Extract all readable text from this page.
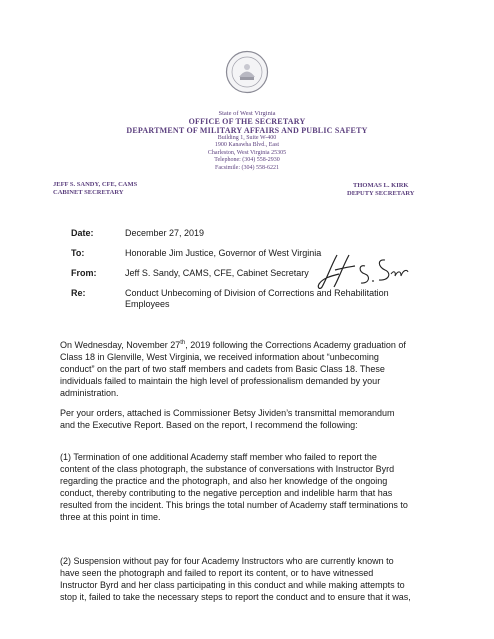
State of West Virginia
OFFICE OF THE SECRETARY
DEPARTMENT OF MILITARY AFFAIRS AND PUBLIC SAFETY
Building 1, Suite W-400
1900 Kanawha Blvd., East
Charleston, West Virginia 25305
Telephone: (304) 558-2930
Facsimile: (304) 558-6221
JEFF S. SANDY, CFE, CAMS
CABINET SECRETARY
THOMAS L. KIRK
DEPUTY SECRETARY
Date:	December 27, 2019
To:	Honorable Jim Justice, Governor of West Virginia
From:	Jeff S. Sandy, CAMS, CFE, Cabinet Secretary
Re:	Conduct Unbecoming of Division of Corrections and Rehabilitation
Employees
On Wednesday, November 27th, 2019 following the Corrections Academy graduation of
Class 18 in Glenville, West Virginia, we received information about “unbecoming
conduct” on the part of two staff members and cadets from Basic Class 18. These
individuals failed to maintain the high level of professionalism demanded by your
administration.
Per your orders, attached is Commissioner Betsy Jividen’s transmittal memorandum
and the Executive Report. Based on the report, I recommend the following:
(1) Termination of one additional Academy staff member who failed to report the
content of the class photograph, the substance of conversations with Instructor Byrd
regarding the practice and the photograph, and also her knowledge of the ongoing
conduct, thereby contributing to the negative perception and indelible harm that has
resulted from the incident. This brings the total number of Academy staff terminations to
three at this point in time.
(2) Suspension without pay for four Academy Instructors who are currently known to
have seen the photograph and failed to report its content, or to have witnessed
Instructor Byrd and her class participating in this conduct and while making attempts to
stop it, failed to take the necessary steps to report the conduct and to ensure that it was,
